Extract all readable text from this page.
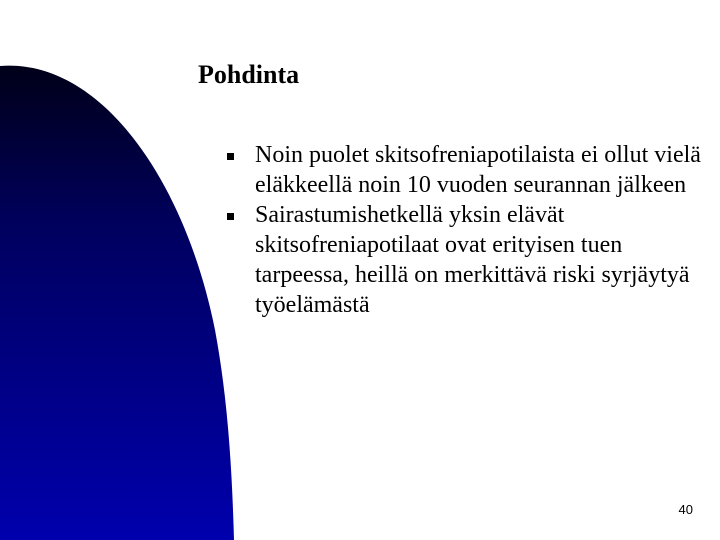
Pohdinta
Noin puolet skitsofreniapotilaista ei ollut vielä eläkkeellä noin 10 vuoden seurannan jälkeen
Sairastumishetkellä yksin elävät skitsofreniapotilaat ovat erityisen tuen tarpeessa, heillä on merkittävä riski syrjäytyä työelämästä
40
